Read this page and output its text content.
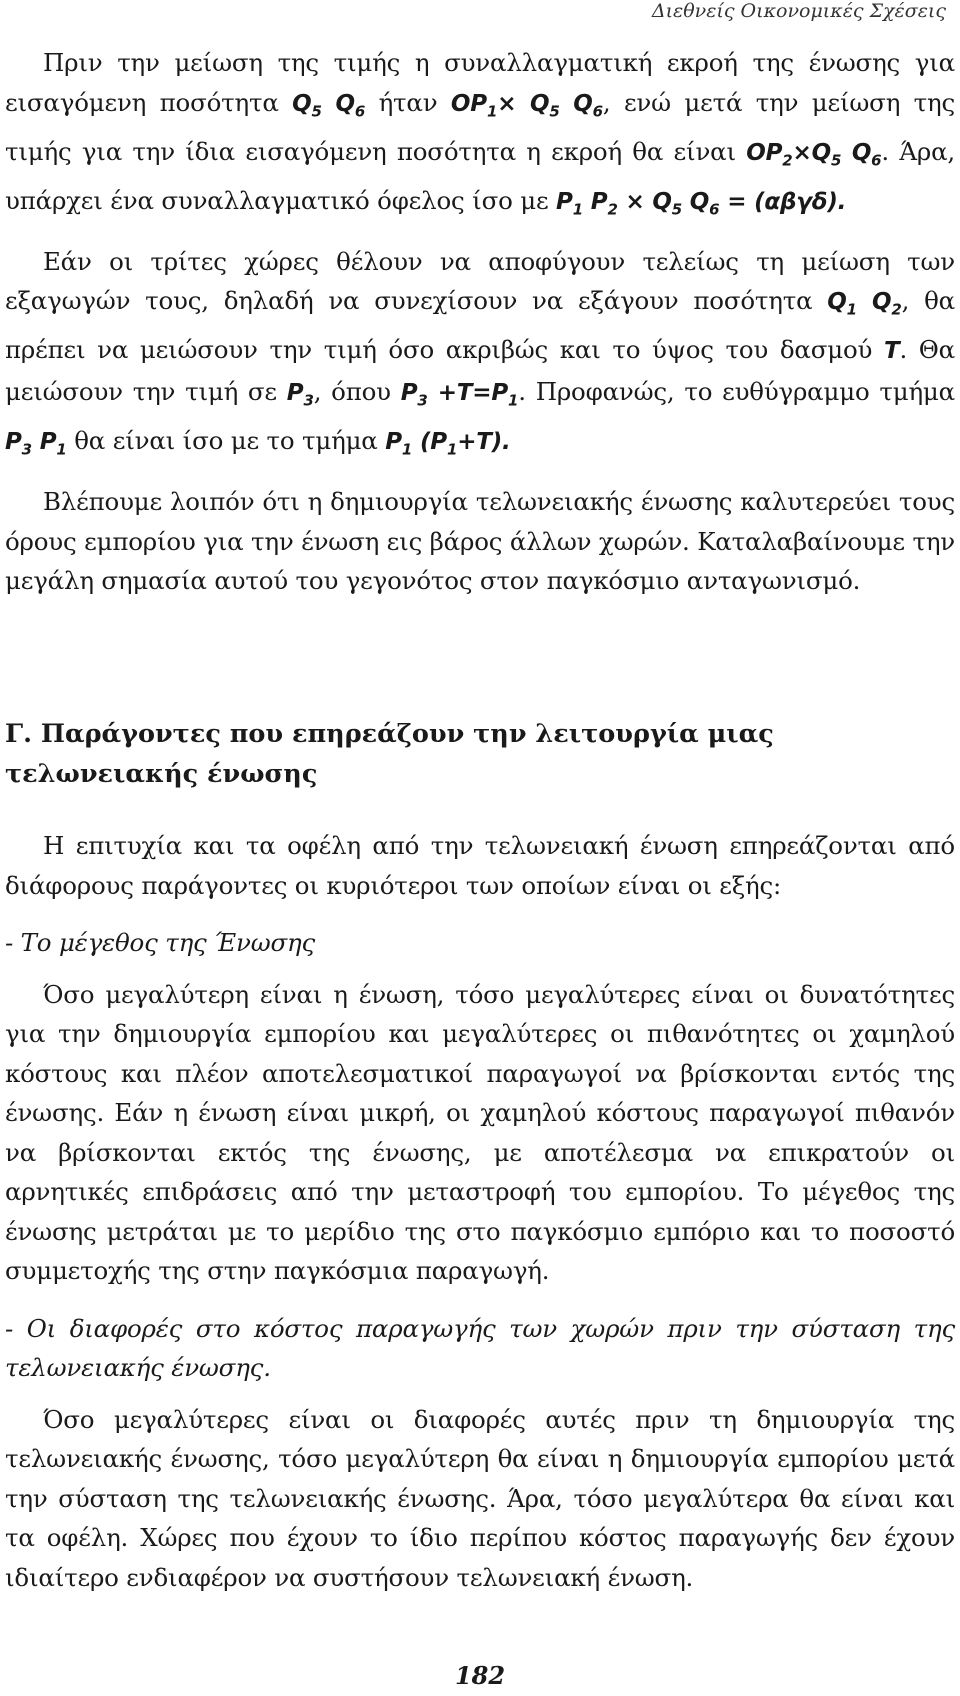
Διεθνείς Οικονομικές Σχέσεις

Πριν την μείωση της τιμής η συναλλαγματική εκροή της ένωσης για εισαγόμενη ποσότητα $Q_5$ $Q_6$ ήταν $OP_1\times Q_5$ $Q_6$, ενώ μετά την μείωση της τιμής για την ίδια εισαγόμενη ποσότητα η εκροή θα είναι $OP_2\times Q_5$ $Q_6$. Άρα, υπάρχει ένα συναλλαγματικό όφελος ίσο με $P_1$ $P_2 \times Q_5$ $Q_6 = (\alpha\beta\gamma\delta)$.

Εάν οι τρίτες χώρες θέλουν να αποφύγουν τελείως τη μείωση των εξαγωγών τους, δηλαδή να συνεχίσουν να εξάγουν ποσότητα $Q_1$ $Q_2$, θα πρέπει να μειώσουν την τιμή όσο ακριβώς και το ύψος του δασμού T. Θα μειώσουν την τιμή σε $P_3$, όπου $P_3 +T=P_1$. Προφανώς, το ευθύγραμμο τμήμα $P_3$ $P_1$ θα είναι ίσο με το τμήμα $P_1$ $(P_1+T)$.

Βλέπουμε λοιπόν ότι η δημιουργία τελωνειακής ένωσης καλυτερεύει τους όρους εμπορίου για την ένωση εις βάρος άλλων χωρών. Καταλαβαίνουμε την μεγάλη σημασία αυτού του γεγονότος στον παγκόσμιο ανταγωνισμό.

Γ. Παράγοντες που επηρεάζουν την λειτουργία μιας τελωνειακής ένωσης

Η επιτυχία και τα οφέλη από την τελωνειακή ένωση επηρεάζονται από διάφορους παράγοντες οι κυριότεροι των οποίων είναι οι εξής:

- Το μέγεθος της Ένωσης

Όσο μεγαλύτερη είναι η ένωση, τόσο μεγαλύτερες είναι οι δυνατότητες για την δημιουργία εμπορίου και μεγαλύτερες οι πιθανότητες οι χαμηλού κόστους και πλέον αποτελεσματικοί παραγωγοί να βρίσκονται εντός της ένωσης. Εάν η ένωση είναι μικρή, οι χαμηλού κόστους παραγωγοί πιθανόν να βρίσκονται εκτός της ένωσης, με αποτέλεσμα να επικρατούν οι αρνητικές επιδράσεις από την μεταστροφή του εμπορίου. Το μέγεθος της ένωσης μετράται με το μερίδιο της στο παγκόσμιο εμπόριο και το ποσοστό συμμετοχής της στην παγκόσμια παραγωγή.

- Οι διαφορές στο κόστος παραγωγής των χωρών πριν την σύσταση της τελωνειακής ένωσης.

Όσο μεγαλύτερες είναι οι διαφορές αυτές πριν τη δημιουργία της τελωνειακής ένωσης, τόσο μεγαλύτερη θα είναι η δημιουργία εμπορίου μετά την σύσταση της τελωνειακής ένωσης. Άρα, τόσο μεγαλύτερα θα είναι και τα οφέλη. Χώρες που έχουν το ίδιο περίπου κόστος παραγωγής δεν έχουν ιδιαίτερο ενδιαφέρον να συστήσουν τελωνειακή ένωση.

182
